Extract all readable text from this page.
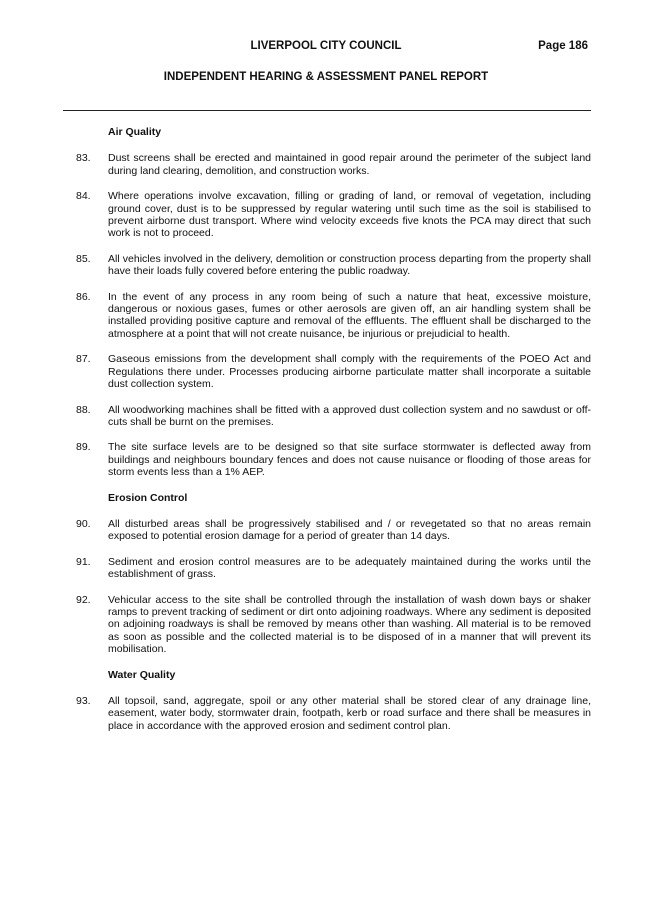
LIVERPOOL CITY COUNCIL	Page 186
INDEPENDENT HEARING & ASSESSMENT PANEL REPORT
Air Quality
83.	Dust screens shall be erected and maintained in good repair around the perimeter of the subject land during land clearing, demolition, and construction works.
84.	Where operations involve excavation, filling or grading of land, or removal of vegetation, including ground cover, dust is to be suppressed by regular watering until such time as the soil is stabilised to prevent airborne dust transport. Where wind velocity exceeds five knots the PCA may direct that such work is not to proceed.
85.	All vehicles involved in the delivery, demolition or construction process departing from the property shall have their loads fully covered before entering the public roadway.
86.	In the event of any process in any room being of such a nature that heat, excessive moisture, dangerous or noxious gases, fumes or other aerosols are given off, an air handling system shall be installed providing positive capture and removal of the effluents. The effluent shall be discharged to the atmosphere at a point that will not create nuisance, be injurious or prejudicial to health.
87.	Gaseous emissions from the development shall comply with the requirements of the POEO Act and Regulations there under. Processes producing airborne particulate matter shall incorporate a suitable dust collection system.
88.	All woodworking machines shall be fitted with a approved dust collection system and no sawdust or off-cuts shall be burnt on the premises.
89.	The site surface levels are to be designed so that site surface stormwater is deflected away from buildings and neighbours boundary fences and does not cause nuisance or flooding of those areas for storm events less than a 1% AEP.
Erosion Control
90.	All disturbed areas shall be progressively stabilised and / or revegetated so that no areas remain exposed to potential erosion damage for a period of greater than 14 days.
91.	Sediment and erosion control measures are to be adequately maintained during the works until the establishment of grass.
92.	Vehicular access to the site shall be controlled through the installation of wash down bays or shaker ramps to prevent tracking of sediment or dirt onto adjoining roadways. Where any sediment is deposited on adjoining roadways is shall be removed by means other than washing. All material is to be removed as soon as possible and the collected material is to be disposed of in a manner that will prevent its mobilisation.
Water Quality
93.	All topsoil, sand, aggregate, spoil or any other material shall be stored clear of any drainage line, easement, water body, stormwater drain, footpath, kerb or road surface and there shall be measures in place in accordance with the approved erosion and sediment control plan.
